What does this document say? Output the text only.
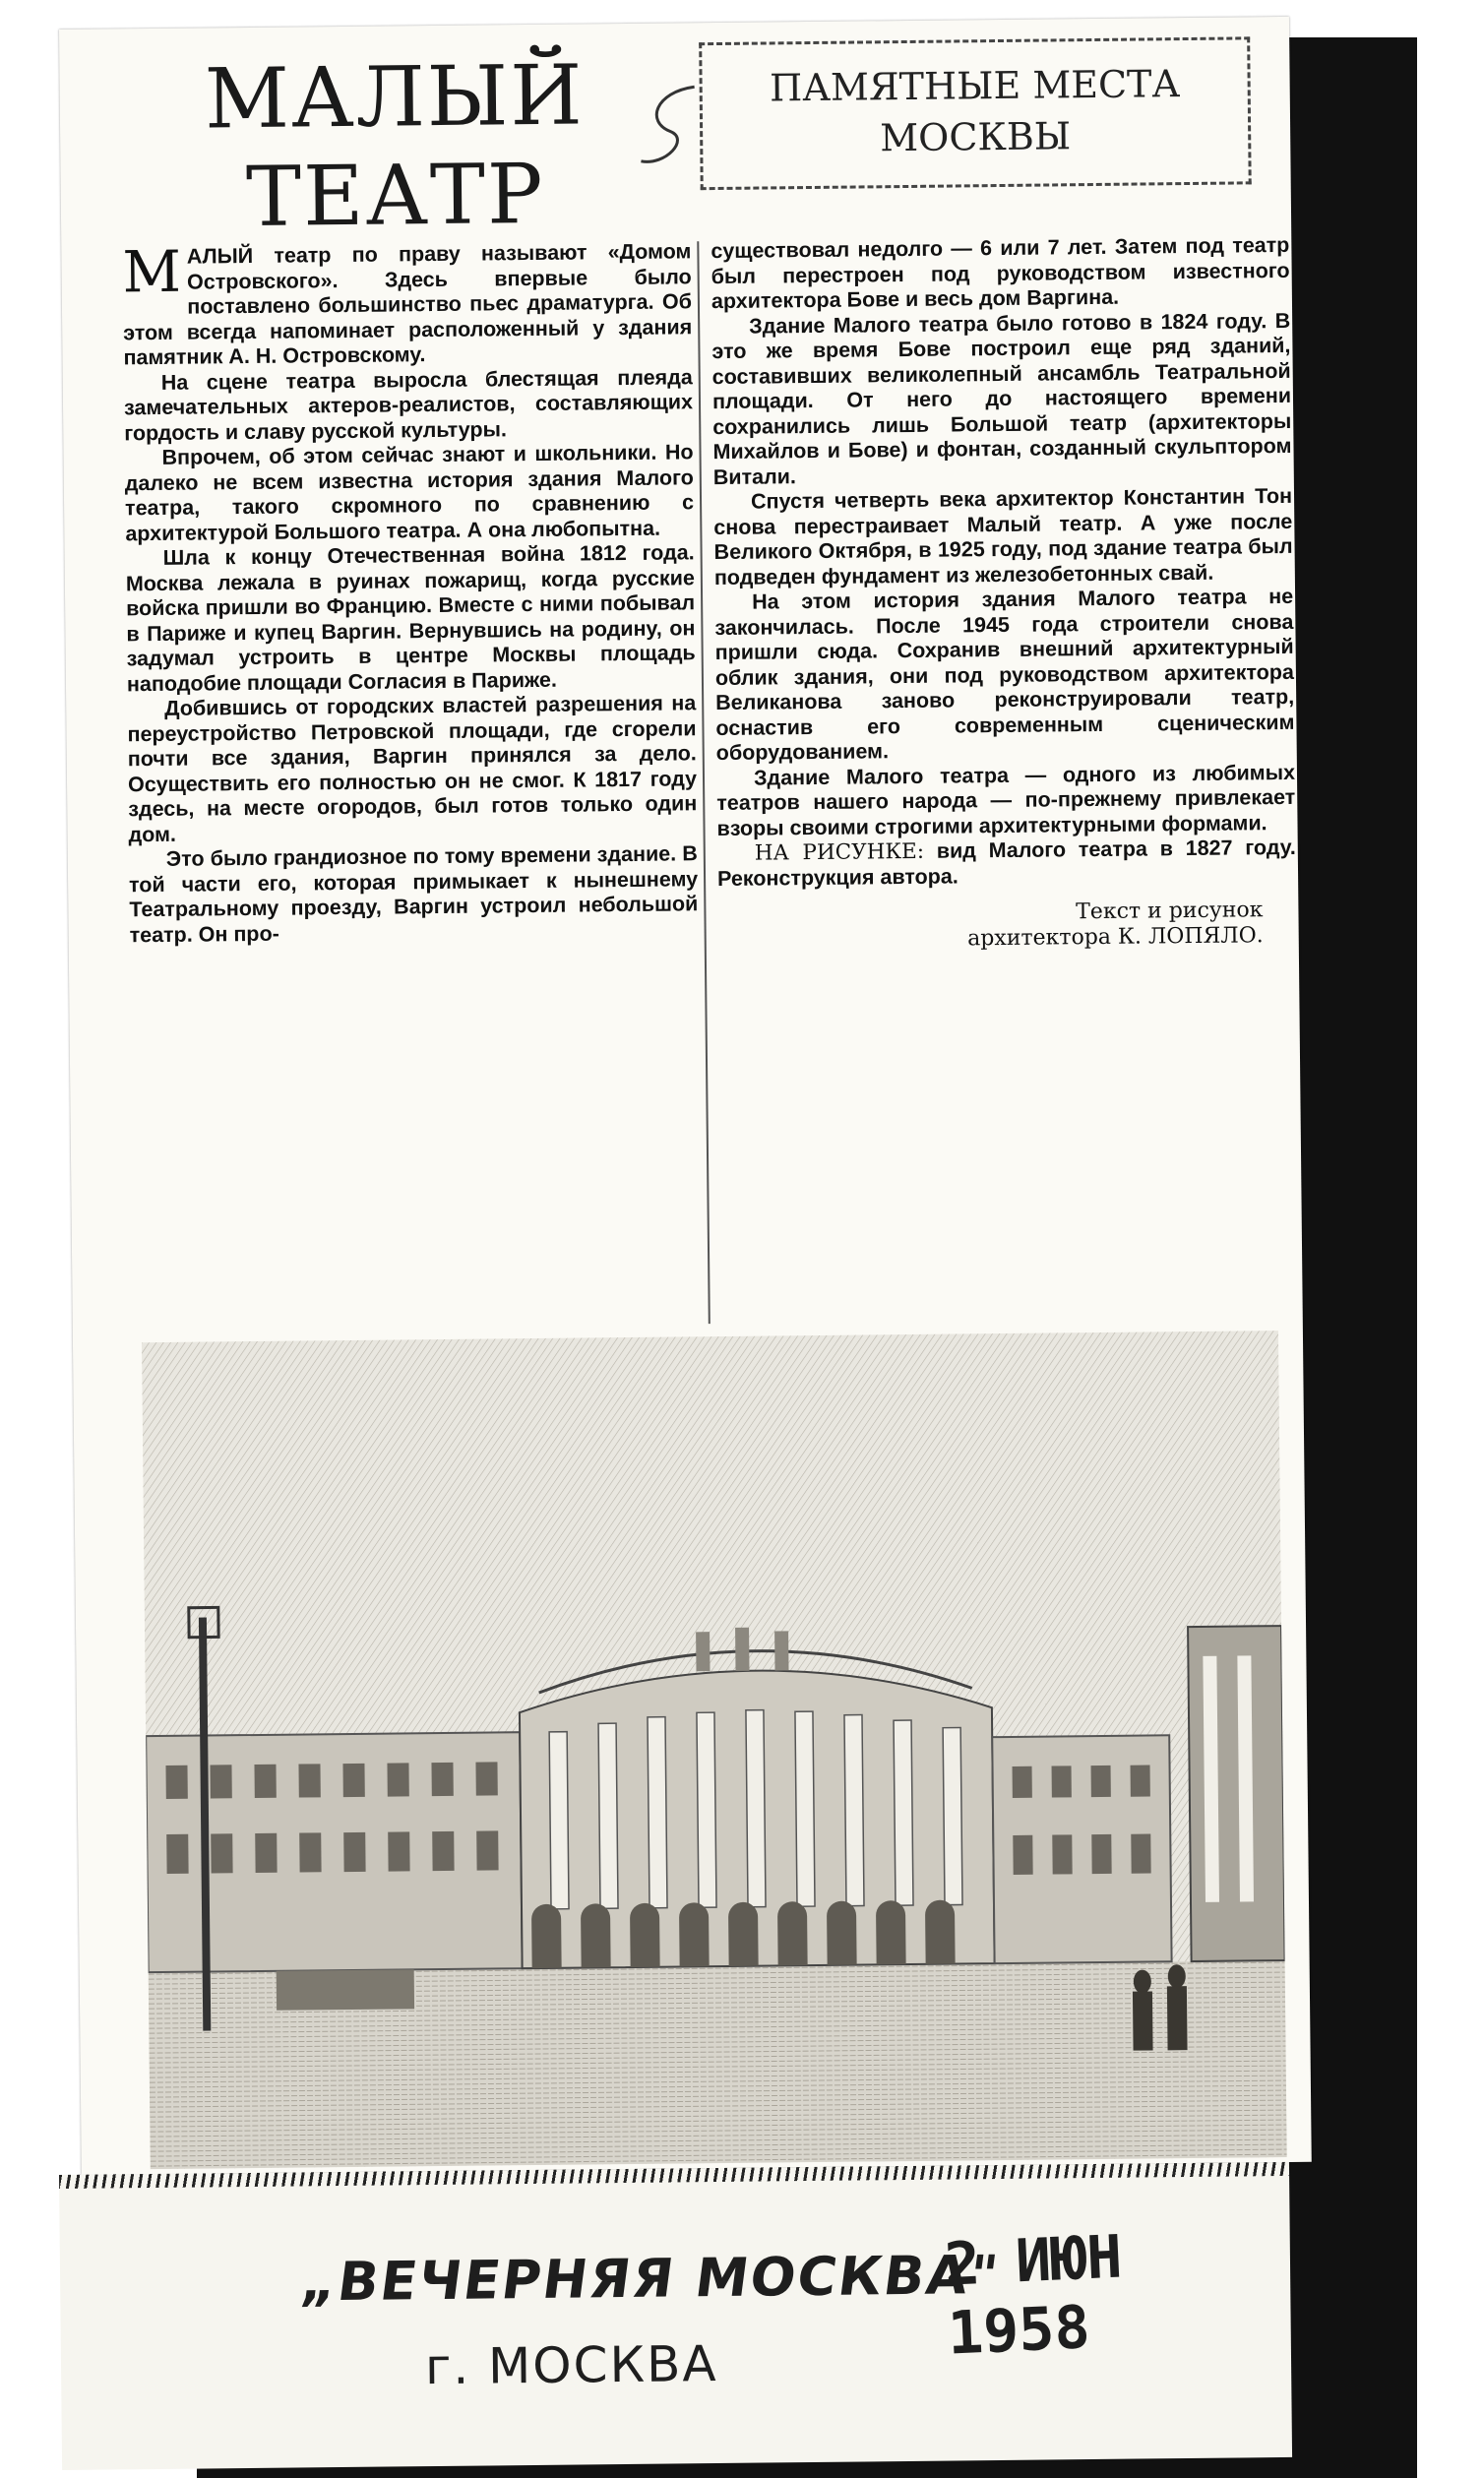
МАЛЫЙ
ТЕАТР
ПАМЯТНЫЕ МЕСТА
МОСКВЫ

МАЛЫЙ театр по праву называют «Домом Островского». Здесь впервые было поставлено большинство пьес драматурга. Об этом всегда напоминает расположенный у здания памятник А. Н. Островскому.

На сцене театра выросла блестящая плеяда замечательных актеров-реалистов, составляющих гордость и славу русской культуры.

Впрочем, об этом сейчас знают и школьники. Но далеко не всем известна история здания Малого театра, такого скромного по сравнению с архитектурой Большого театра. А она любопытна.

Шла к концу Отечественная война 1812 года. Москва лежала в руинах пожарищ, когда русские войска пришли во Францию. Вместе с ними побывал в Париже и купец Варгин. Вернувшись на родину, он задумал устроить в центре Москвы площадь наподобие площади Согласия в Париже.

Добившись от городских властей разрешения на переустройство Петровской площади, где сгорели почти все здания, Варгин принялся за дело. Осуществить его полностью он не смог. К 1817 году здесь, на месте огородов, был готов только один дом.

Это было грандиозное по тому времени здание. В той части его, которая примыкает к нынешнему Театральному проезду, Варгин устроил небольшой театр. Он про-

существовал недолго — 6 или 7 лет. Затем под театр был перестроен под руководством известного архитектора Бове и весь дом Варгина.

Здание Малого театра было готово в 1824 году. В это же время Бове построил еще ряд зданий, составивших великолепный ансамбль Театральной площади. От него до настоящего времени сохранились лишь Большой театр (архитекторы Михайлов и Бове) и фонтан, созданный скульптором Витали.

Спустя четверть века архитектор Константин Тон снова перестраивает Малый театр. А уже после Великого Октября, в 1925 году, под здание театра был подведен фундамент из железобетонных свай.

На этом история здания Малого театра не закончилась. После 1945 года строители снова пришли сюда. Сохранив внешний архитектурный облик здания, они под руководством архитектора Великанова заново реконструировали театр, оснастив его современным сценическим оборудованием.

Здание Малого театра — одного из любимых театров нашего народа — по-прежнему привлекает взоры своими строгими архитектурными формами.

НА РИСУНКЕ: вид Малого театра в 1827 году. Реконструкция автора.

Текст и рисунок
архитектора К. ЛОПЯЛО.
„ВЕЧЕРНЯЯ МОСКВА"
г. МОСКВА
2 ИЮН 1958
